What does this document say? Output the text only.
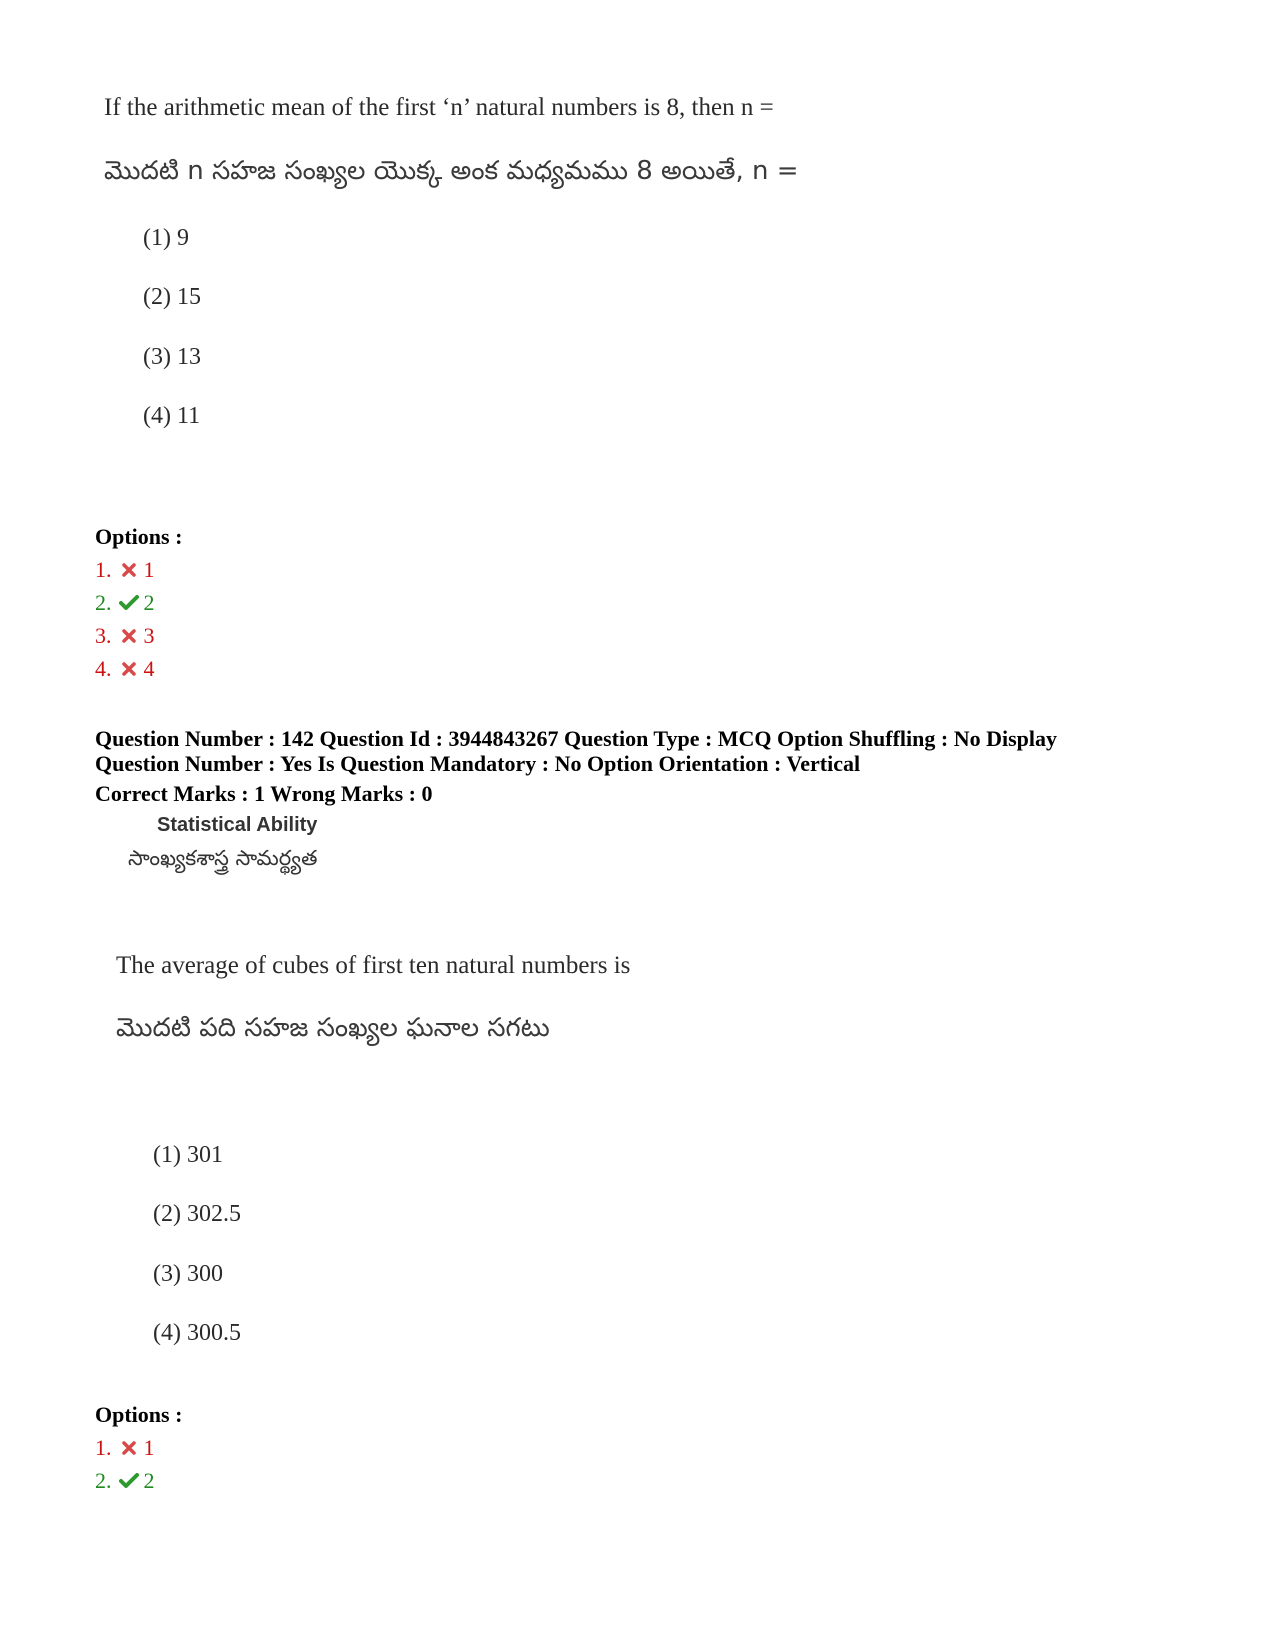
If the arithmetic mean of the first ‘n’ natural numbers is 8, then n =
మొదటి n సహజ సంఖ్యల యొక్క అంక మధ్యమము 8 అయితే, n =
(1) 9
(2) 15
(3) 13
(4) 11
Options :
1. 1
2. 2
3. 3
4. 4
Question Number : 142 Question Id : 3944843267 Question Type : MCQ Option Shuffling : No Display
Question Number : Yes Is Question Mandatory : No Option Orientation : Vertical
Correct Marks : 1 Wrong Marks : 0
Statistical Ability
సాంఖ్యకశాస్త్ర సామర్థ్యత
The average of cubes of first ten natural numbers is
మొదటి పది సహజ సంఖ్యల ఘనాల సగటు
(1) 301
(2) 302.5
(3) 300
(4) 300.5
Options :
1. 1
2. 2
